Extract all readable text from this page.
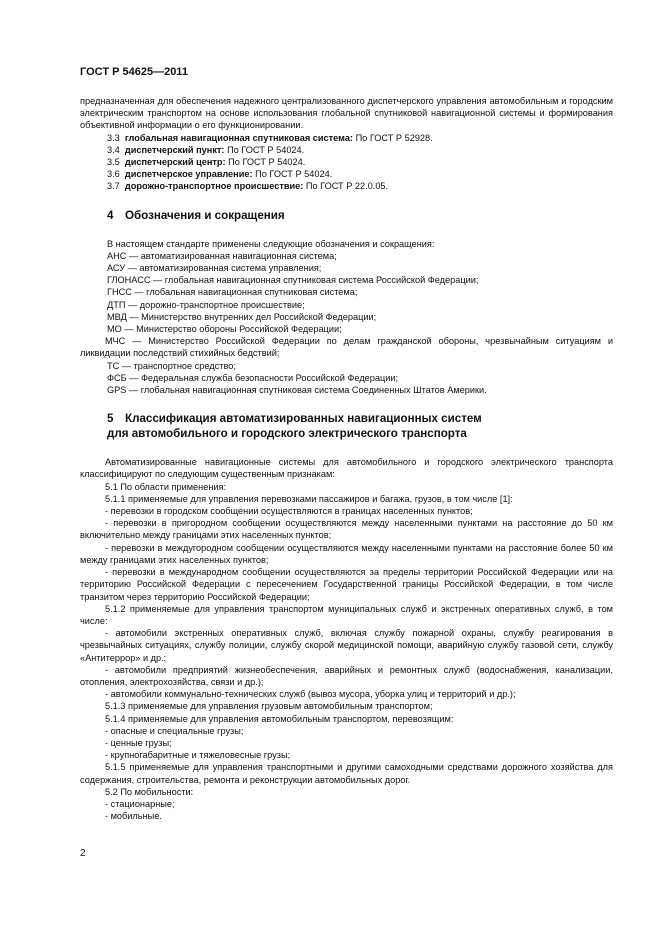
ГОСТ Р 54625—2011

предназначенная для обеспечения надежного централизованного диспетчерского управления автомобильным и городским электрическим транспортом на основе использования глобальной спутниковой навигационной системы и формирования объективной информации о его функционировании.

3.3 глобальная навигационная спутниковая система: По ГОСТ Р 52928.

3.4 диспетчерский пункт: По ГОСТ Р 54024.

3.5 диспетчерский центр: По ГОСТ Р 54024.

3.6 диспетчерское управление: По ГОСТ Р 54024.

3.7 дорожно-транспортное происшествие: По ГОСТ Р 22.0.05.

4 Обозначения и сокращения

В настоящем стандарте применены следующие обозначения и сокращения:

АНС — автоматизированная навигационная система;

АСУ — автоматизированная система управления;

ГЛОНАСС — глобальная навигационная спутниковая система Российской Федерации;

ГНСС — глобальная навигационная спутниковая система;

ДТП — дорожно-транспортное происшествие;

МВД — Министерство внутренних дел Российской Федерации;

МО — Министерство обороны Российской Федерации;

МЧС — Министерство Российской Федерации по делам гражданской обороны, чрезвычайным ситуациям и ликвидации последствий стихийных бедствий;

ТС — транспортное средство;

ФСБ — Федеральная служба безопасности Российской Федерации;

GPS — глобальная навигационная спутниковая система Соединенных Штатов Америки.

5 Классификация автоматизированных навигационных систем
для автомобильного и городского электрического транспорта

Автоматизированные навигационные системы для автомобильного и городского электрического транспорта классифицируют по следующим существенным признакам:

5.1 По области применения:

5.1.1 применяемые для управления перевозками пассажиров и багажа, грузов, в том числе [1]:

- перевозки в городском сообщении осуществляются в границах населенных пунктов;

- перевозки в пригородном сообщении осуществляются между населенными пунктами на расстояние до 50 км включительно между границами этих населенных пунктов;

- перевозки в междугородном сообщении осуществляются между населенными пунктами на расстояние более 50 км между границами этих населенных пунктов;

- перевозки в международном сообщении осуществляются за пределы территории Российской Федерации или на территорию Российской Федерации с пересечением Государственной границы Российской Федерации, в том числе транзитом через территорию Российской Федерации;

5.1.2 применяемые для управления транспортом муниципальных служб и экстренных оперативных служб, в том числе:

- автомобили экстренных оперативных служб, включая службу пожарной охраны, службу реагирования в чрезвычайных ситуациях, службу полиции, службу скорой медицинской помощи, аварийную службу газовой сети, службу «Антитеррор» и др.;

- автомобили предприятий жизнеобеспечения, аварийных и ремонтных служб (водоснабжения, канализации, отопления, электрохозяйства, связи и др.);

- автомобили коммунально-технических служб (вывоз мусора, уборка улиц и территорий и др.);

5.1.3 применяемые для управления грузовым автомобильным транспортом;

5.1.4 применяемые для управления автомобильным транспортом, перевозящим:

- опасные и специальные грузы;

- ценные грузы;

- крупногабаритные и тяжеловесные грузы;

5.1.5 применяемые для управления транспортными и другими самоходными средствами дорожного хозяйства для содержания, строительства, ремонта и реконструкции автомобильных дорог.

5.2 По мобильности:

- стационарные;

- мобильные.

2
